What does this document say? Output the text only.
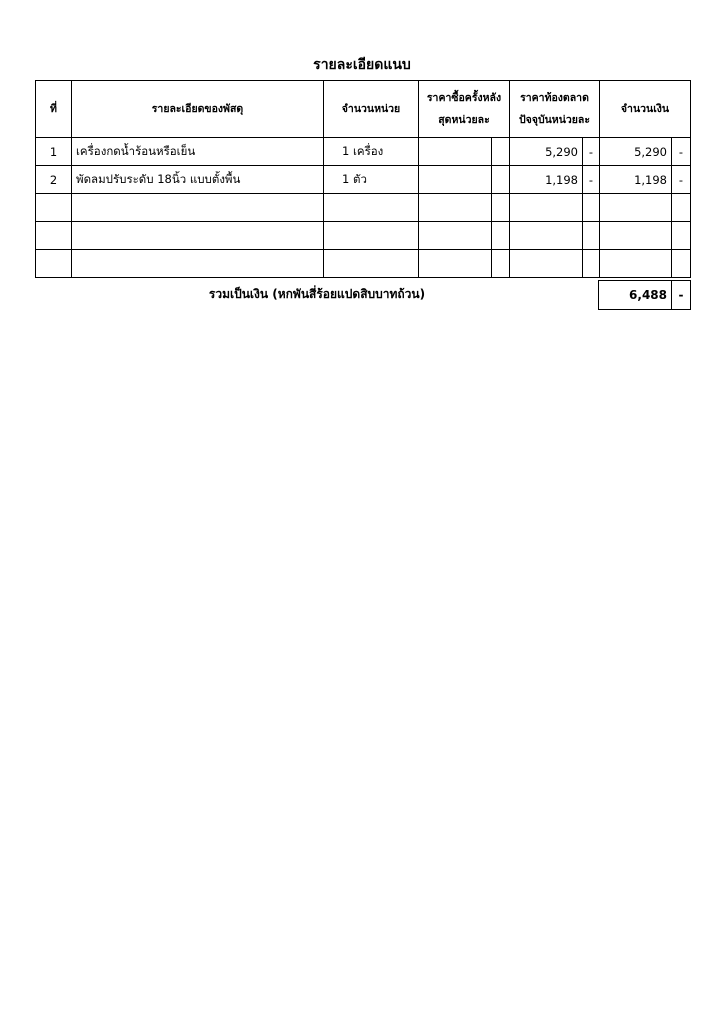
รายละเอียดแนบ
ที่	รายละเอียดของพัสดุ	จำนวนหน่วย	ราคาซื้อครั้งหลังสุดหน่วยละ		ราคาท้องตลาดปัจจุบันหน่วยละ		จำนวนเงิน	
1	เครื่องกดน้ำร้อนหรือเย็น	1 เครื่อง			5,290	-	5,290	-
2	พัดลมปรับระดับ 18นิ้ว แบบตั้งพื้น	1 ตัว			1,198	-	1,198	-

รวมเป็นเงิน (หกพันสี่ร้อยแปดสิบบาทถ้วน)	6,488	-
